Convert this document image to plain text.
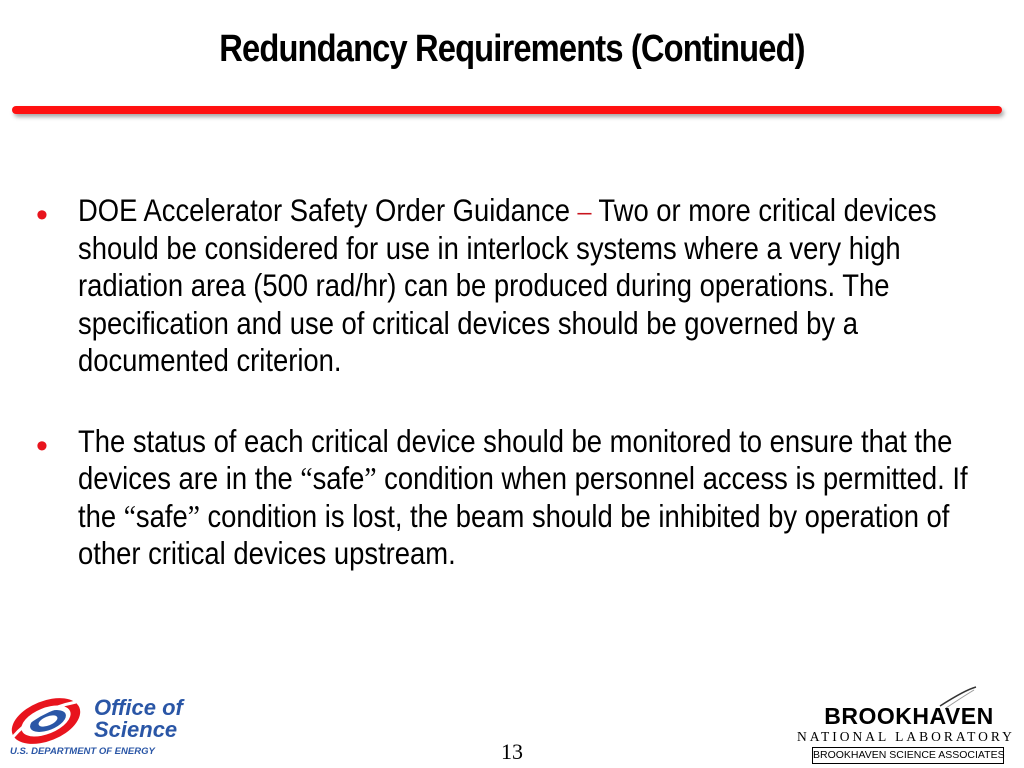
Redundancy Requirements (Continued)
• DOE Accelerator Safety Order Guidance – Two or more critical devices should be considered for use in interlock systems where a very high radiation area (500 rad/hr) can be produced during operations. The specification and use of critical devices should be governed by a documented criterion.
• The status of each critical device should be monitored to ensure that the devices are in the “safe” condition when personnel access is permitted. If the “safe” condition is lost, the beam should be inhibited by operation of other critical devices upstream.
Office of
Science
U.S. DEPARTMENT OF ENERGY	13
BROOKHAVEN
NATIONAL LABORATORY
BROOKHAVEN SCIENCE ASSOCIATES
